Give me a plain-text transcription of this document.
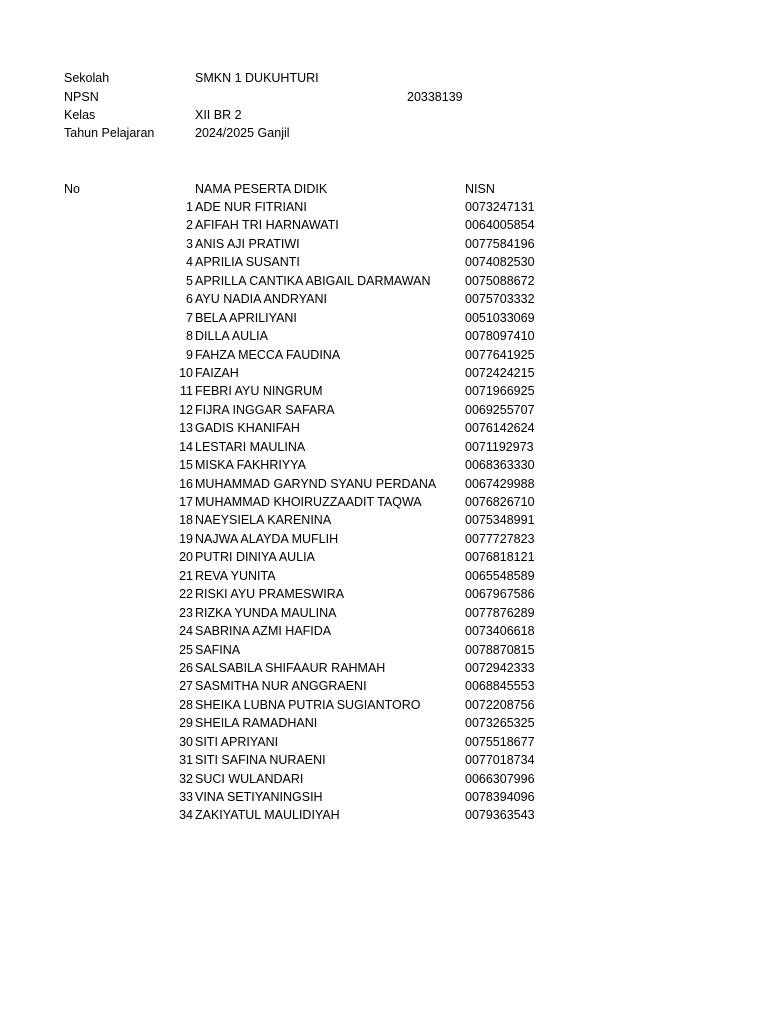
Sekolah	SMKN 1 DUKUHTURI
NPSN	20338139
Kelas	XII BR 2
Tahun Pelajaran	2024/2025 Ganjil
No	NAMA PESERTA DIDIK	NISN
1 ADE NUR FITRIANI	0073247131
2 AFIFAH TRI HARNAWATI	0064005854
3 ANIS AJI PRATIWI	0077584196
4 APRILIA SUSANTI	0074082530
5 APRILLA CANTIKA ABIGAIL DARMAWAN	0075088672
6 AYU NADIA ANDRYANI	0075703332
7 BELA APRILIYANI	0051033069
8 DILLA AULIA	0078097410
9 FAHZA MECCA FAUDINA	0077641925
10 FAIZAH	0072424215
11 FEBRI AYU NINGRUM	0071966925
12 FIJRA INGGAR SAFARA	0069255707
13 GADIS KHANIFAH	0076142624
14 LESTARI MAULINA	0071192973
15 MISKA FAKHRIYYA	0068363330
16 MUHAMMAD GARYND SYANU PERDANA 0067429988
17 MUHAMMAD KHOIRUZZAADIT TAQWA	0076826710
18 NAEYSIELA KARENINA	0075348991
19 NAJWA ALAYDA MUFLIH	0077727823
20 PUTRI DINIYA AULIA	0076818121
21 REVA YUNITA	0065548589
22 RISKI AYU PRAMESWIRA	0067967586
23 RIZKA YUNDA MAULINA	0077876289
24 SABRINA AZMI HAFIDA	0073406618
25 SAFINA	0078870815
26 SALSABILA SHIFAAUR RAHMAH	0072942333
27 SASMITHA NUR ANGGRAENI	0068845553
28 SHEIKA LUBNA PUTRIA SUGIANTORO	0072208756
29 SHEILA RAMADHANI	0073265325
30 SITI APRIYANI	0075518677
31 SITI SAFINA NURAENI	0077018734
32 SUCI WULANDARI	0066307996
33 VINA SETIYANINGSIH	0078394096
34 ZAKIYATUL MAULIDIYAH	0079363543
